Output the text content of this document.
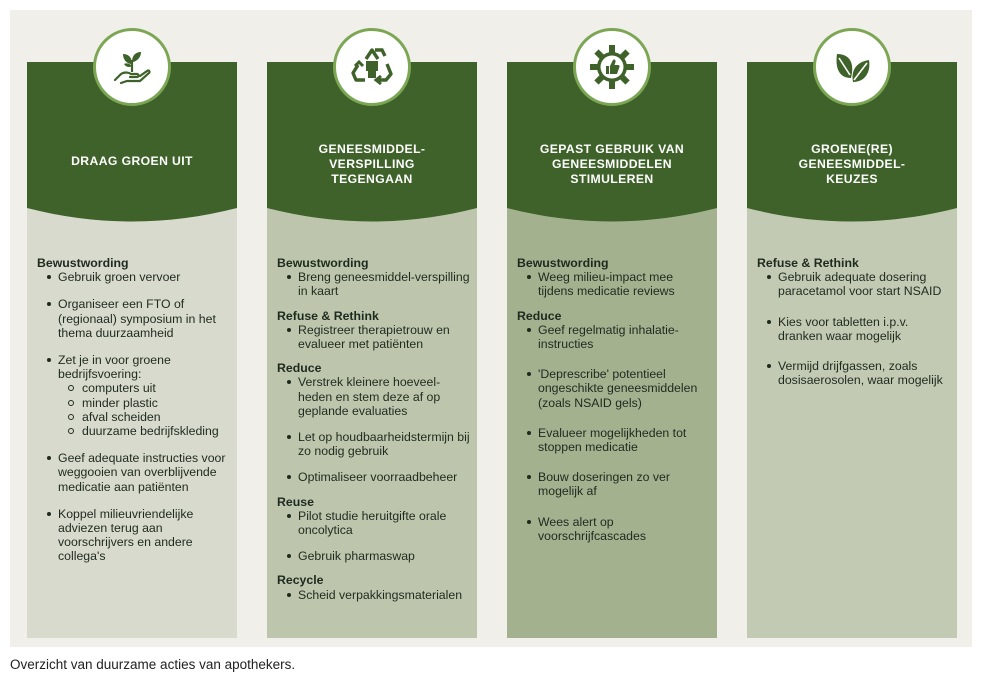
DRAAG GROEN UIT
Bewustwording
Gebruik groen vervoer
Organiseer een FTO of (regionaal) symposium in het thema duurzaamheid
Zet je in voor groene bedrijfsvoering:
computers uit
minder plastic
afval scheiden
duurzame bedrijfskleding
Geef adequate instructies voor weggooien van overblijvende medicatie aan patiënten
Koppel milieuvriendelijke adviezen terug aan voorschrijvers en andere collega's
GENEESMIDDEL-
VERSPILLING
TEGENGAAN
Bewustwording
Breng geneesmiddel-verspilling in kaart
Refuse & Rethink
Registreer therapietrouw en evalueer met patiënten
Reduce
Verstrek kleinere hoeveel-heden en stem deze af op geplande evaluaties
Let op houdbaarheidstermijn bij zo nodig gebruik
Optimaliseer voorraadbeheer
Reuse
Pilot studie heruitgifte orale oncolytica
Gebruik pharmaswap
Recycle
Scheid verpakkingsmaterialen
GEPAST GEBRUIK VAN
GENEESMIDDELEN
STIMULEREN
Bewustwording
Weeg milieu-impact mee tijdens medicatie reviews
Reduce
Geef regelmatig inhalatie-instructies
'Deprescribe' potentieel ongeschikte geneesmiddelen (zoals NSAID gels)
Evalueer mogelijkheden tot stoppen medicatie
Bouw doseringen zo ver mogelijk af
Wees alert op voorschrijfcascades
GROENE(RE)
GENEESMIDDEL-
KEUZES
Refuse & Rethink
Gebruik adequate dosering paracetamol voor start NSAID
Kies voor tabletten i.p.v. dranken waar mogelijk
Vermijd drijfgassen, zoals dosisaerosolen, waar mogelijk
Overzicht van duurzame acties van apothekers.
